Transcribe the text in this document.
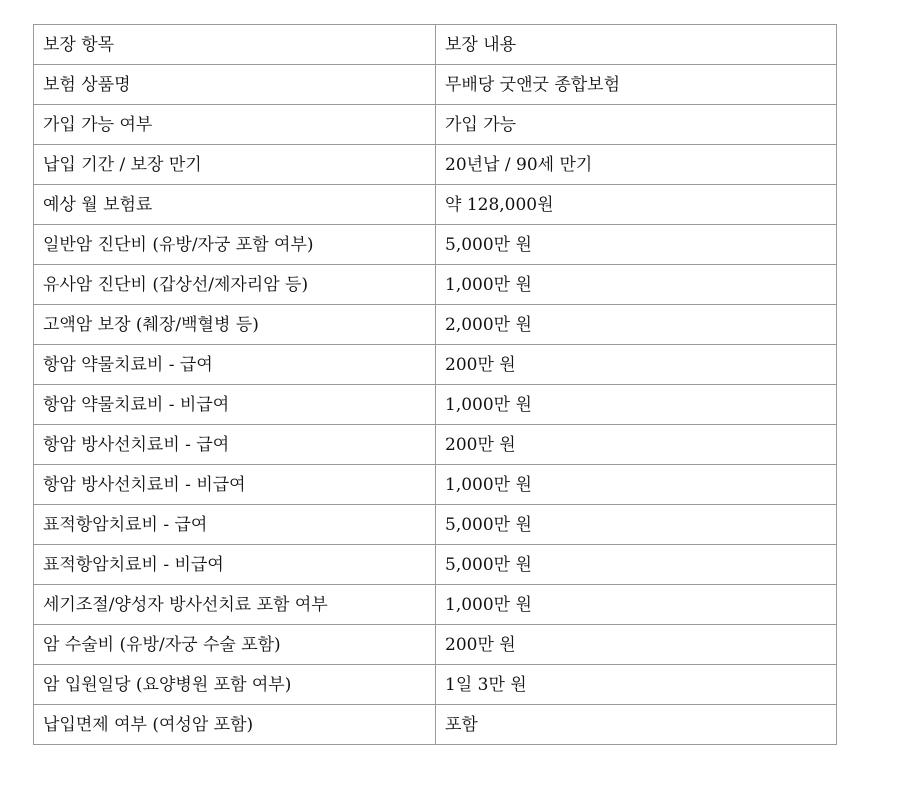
보장 항목	보장 내용
보험 상품명	무배당 굿앤굿 종합보험
가입 가능 여부	가입 가능
납입 기간 / 보장 만기	20년납 / 90세 만기
예상 월 보험료	약 128,000원
일반암 진단비 (유방/자궁 포함 여부)	5,000만 원
유사암 진단비 (갑상선/제자리암 등)	1,000만 원
고액암 보장 (췌장/백혈병 등)	2,000만 원
항암 약물치료비 - 급여	200만 원
항암 약물치료비 - 비급여	1,000만 원
항암 방사선치료비 - 급여	200만 원
항암 방사선치료비 - 비급여	1,000만 원
표적항암치료비 - 급여	5,000만 원
표적항암치료비 - 비급여	5,000만 원
세기조절/양성자 방사선치료 포함 여부	1,000만 원
암 수술비 (유방/자궁 수술 포함)	200만 원
암 입원일당 (요양병원 포함 여부)	1일 3만 원
납입면제 여부 (여성암 포함)	포함
